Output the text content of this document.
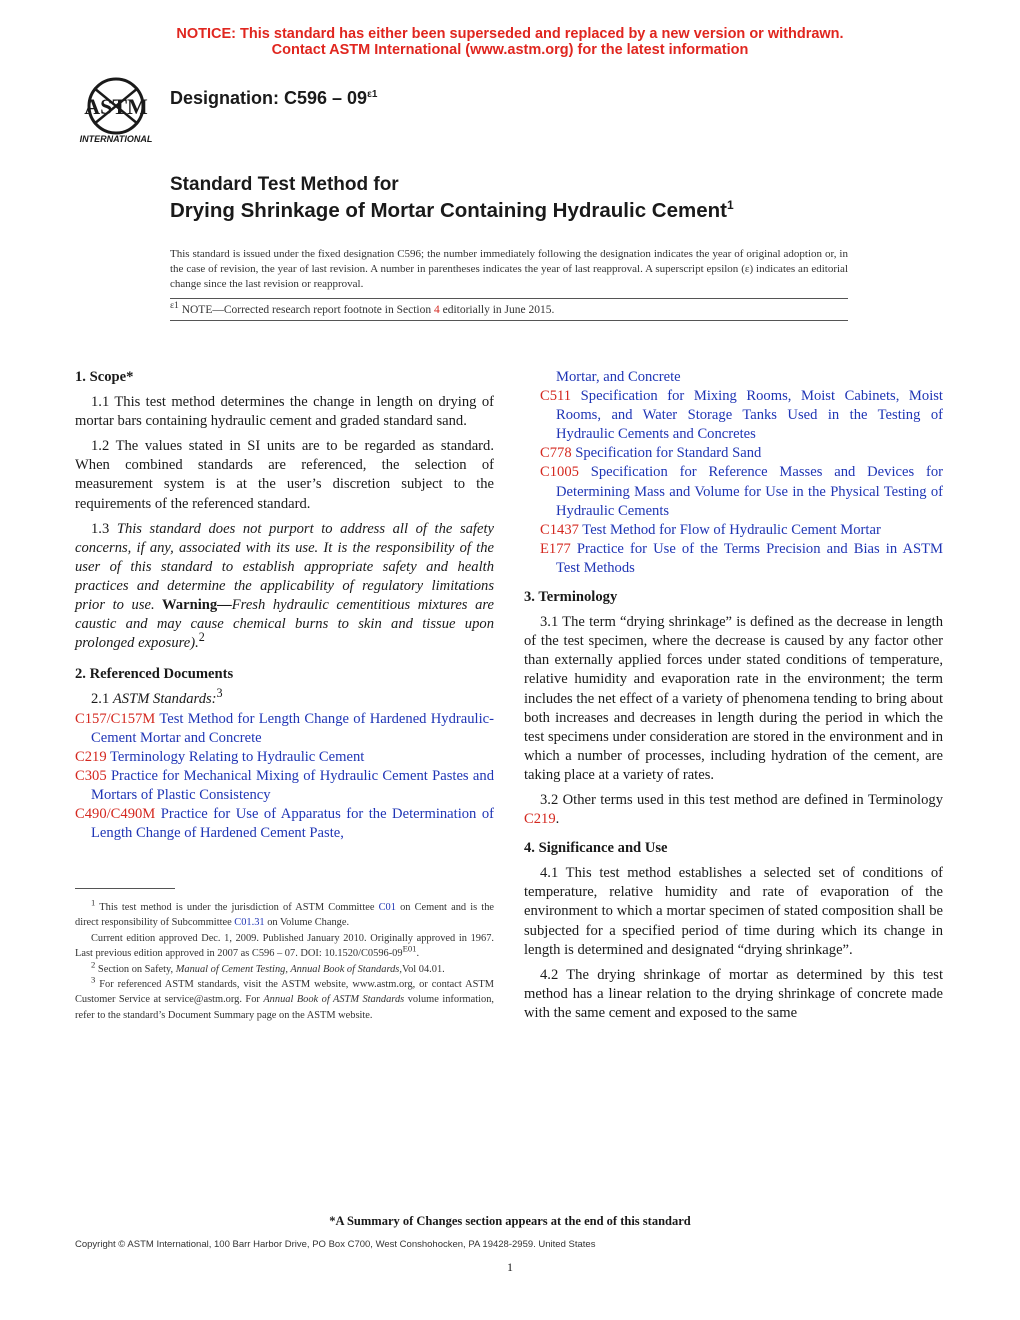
NOTICE: This standard has either been superseded and replaced by a new version or withdrawn.
Contact ASTM International (www.astm.org) for the latest information
ASTM
INTERNATIONAL
Designation: $C596 - 09^{\varepsilon 1}$
Standard Test Method for
Drying Shrinkage of Mortar Containing Hydraulic Cement$^1$
This standard is issued under the fixed designation C596; the number immediately following the designation indicates the year of original adoption or, in the case of revision, the year of last revision. A number in parentheses indicates the year of last reapproval. A superscript epsilon (ε) indicates an editorial change since the last revision or reapproval.
$^{\varepsilon 1}$ NOTE—Corrected research report footnote in Section 4 editorially in June 2015.

1. Scope*

1.1 This test method determines the change in length on drying of mortar bars containing hydraulic cement and graded standard sand.

1.2 The values stated in SI units are to be regarded as standard. When combined standards are referenced, the selection of measurement system is at the user’s discretion subject to the requirements of the referenced standard.

1.3 This standard does not purport to address all of the safety concerns, if any, associated with its use. It is the responsibility of the user of this standard to establish appropriate safety and health practices and determine the applicability of regulatory limitations prior to use. Warning—Fresh hydraulic cementitious mixtures are caustic and may cause chemical burns to skin and tissue upon prolonged exposure).$^2$

2. Referenced Documents

2.1 ASTM Standards:$^3$

C157/C157M Test Method for Length Change of Hardened Hydraulic-Cement Mortar and Concrete

C219 Terminology Relating to Hydraulic Cement

C305 Practice for Mechanical Mixing of Hydraulic Cement Pastes and Mortars of Plastic Consistency

C490/C490M Practice for Use of Apparatus for the Determination of Length Change of Hardened Cement Paste,

$^1$ This test method is under the jurisdiction of ASTM Committee C01 on Cement and is the direct responsibility of Subcommittee C01.31 on Volume Change.

Current edition approved Dec. 1, 2009. Published January 2010. Originally approved in 1967. Last previous edition approved in 2007 as C596 – 07. DOI: $10.1520/C0596-09^{E01}$.

$^2$ Section on Safety, Manual of Cement Testing, Annual Book of Standards,Vol 04.01.

$^3$ For referenced ASTM standards, visit the ASTM website, www.astm.org, or contact ASTM Customer Service at service@astm.org. For Annual Book of ASTM Standards volume information, refer to the standard’s Document Summary page on the ASTM website.

Mortar, and Concrete

C511 Specification for Mixing Rooms, Moist Cabinets, Moist Rooms, and Water Storage Tanks Used in the Testing of Hydraulic Cements and Concretes

C778 Specification for Standard Sand

C1005 Specification for Reference Masses and Devices for Determining Mass and Volume for Use in the Physical Testing of Hydraulic Cements

C1437 Test Method for Flow of Hydraulic Cement Mortar

E177 Practice for Use of the Terms Precision and Bias in ASTM Test Methods

3. Terminology

3.1 The term “drying shrinkage” is defined as the decrease in length of the test specimen, where the decrease is caused by any factor other than externally applied forces under stated conditions of temperature, relative humidity and evaporation rate in the environment; the term includes the net effect of a variety of phenomena tending to bring about both increases and decreases in length during the period in which the test specimens under consideration are stored in the environment and in which a number of processes, including hydration of the cement, are taking place at a variety of rates.

3.2 Other terms used in this test method are defined in Terminology C219.

4. Significance and Use

4.1 This test method establishes a selected set of conditions of temperature, relative humidity and rate of evaporation of the environment to which a mortar specimen of stated composition shall be subjected for a specified period of time during which its change in length is determined and designated “drying shrinkage”.

4.2 The drying shrinkage of mortar as determined by this test method has a linear relation to the drying shrinkage of concrete made with the same cement and exposed to the same

*A Summary of Changes section appears at the end of this standard
Copyright © ASTM International, 100 Barr Harbor Drive, PO Box C700, West Conshohocken, PA 19428-2959. United States
1
